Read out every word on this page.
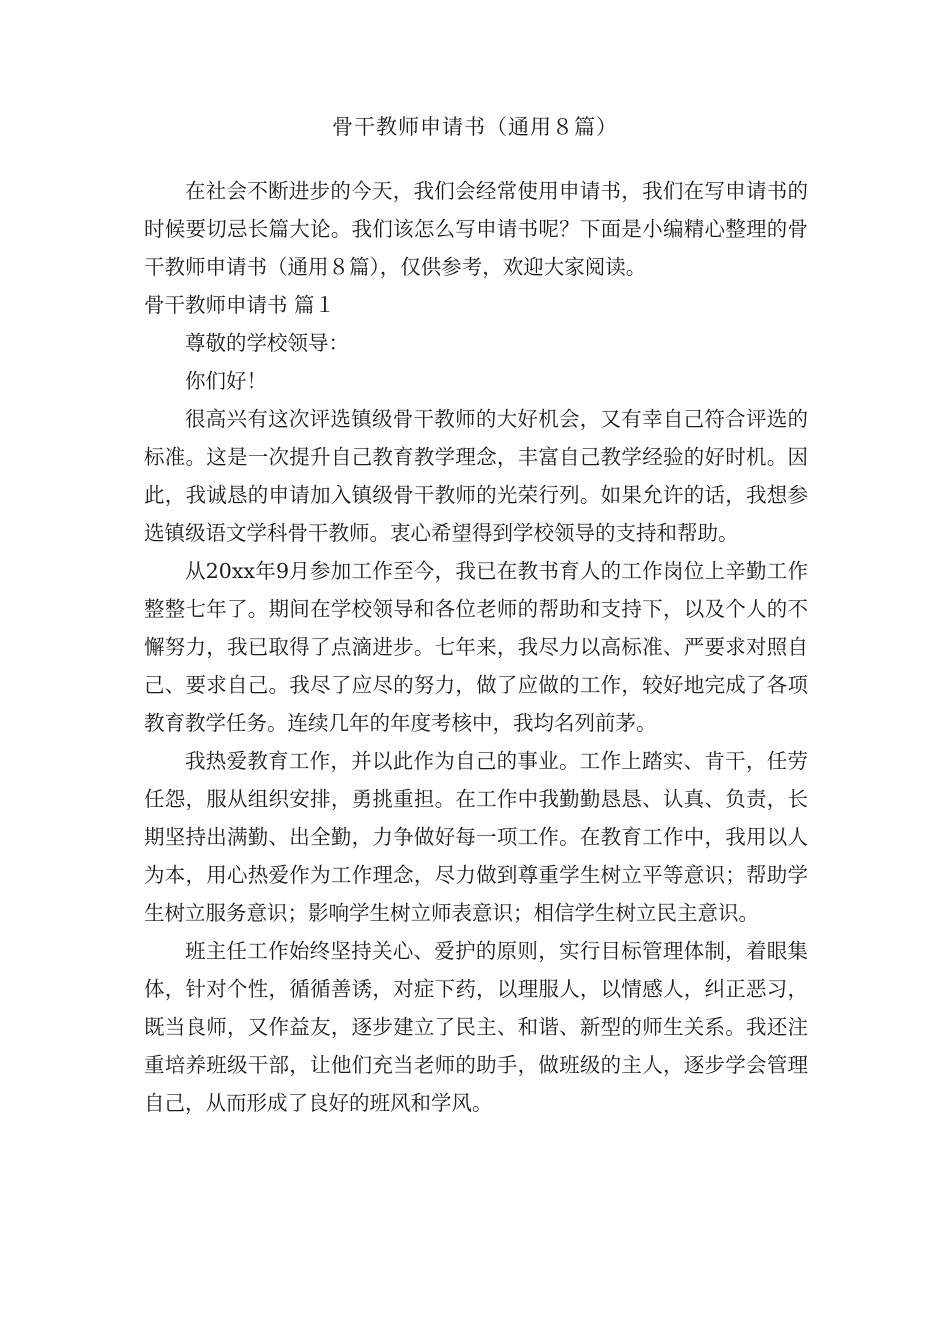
骨干教师申请书（通用８篇）

在社会不断进步的今天，我们会经常使用申请书，我们在写申请书的时候要切忌长篇大论。我们该怎么写申请书呢？下面是小编精心整理的骨干教师申请书（通用８篇），仅供参考，欢迎大家阅读。

骨干教师申请书 篇１

尊敬的学校领导：

你们好！

很高兴有这次评选镇级骨干教师的大好机会，又有幸自己符合评选的标准。这是一次提升自己教育教学理念，丰富自己教学经验的好时机。因此，我诚恳的申请加入镇级骨干教师的光荣行列。如果允许的话，我想参选镇级语文学科骨干教师。衷心希望得到学校领导的支持和帮助。

从20xx年9月参加工作至今，我已在教书育人的工作岗位上辛勤工作整整七年了。期间在学校领导和各位老师的帮助和支持下，以及个人的不懈努力，我已取得了点滴进步。七年来，我尽力以高标准、严要求对照自己、要求自己。我尽了应尽的努力，做了应做的工作，较好地完成了各项教育教学任务。连续几年的年度考核中，我均名列前茅。

我热爱教育工作，并以此作为自己的事业。工作上踏实、肯干，任劳任怨，服从组织安排，勇挑重担。在工作中我勤勤恳恳、认真、负责，长期坚持出满勤、出全勤，力争做好每一项工作。在教育工作中，我用以人为本，用心热爱作为工作理念，尽力做到尊重学生树立平等意识；帮助学生树立服务意识；影响学生树立师表意识；相信学生树立民主意识。

班主任工作始终坚持关心、爱护的原则，实行目标管理体制，着眼集体，针对个性，循循善诱，对症下药，以理服人，以情感人，纠正恶习，既当良师，又作益友，逐步建立了民主、和谐、新型的师生关系。我还注重培养班级干部，让他们充当老师的助手，做班级的主人，逐步学会管理自己，从而形成了良好的班风和学风。
